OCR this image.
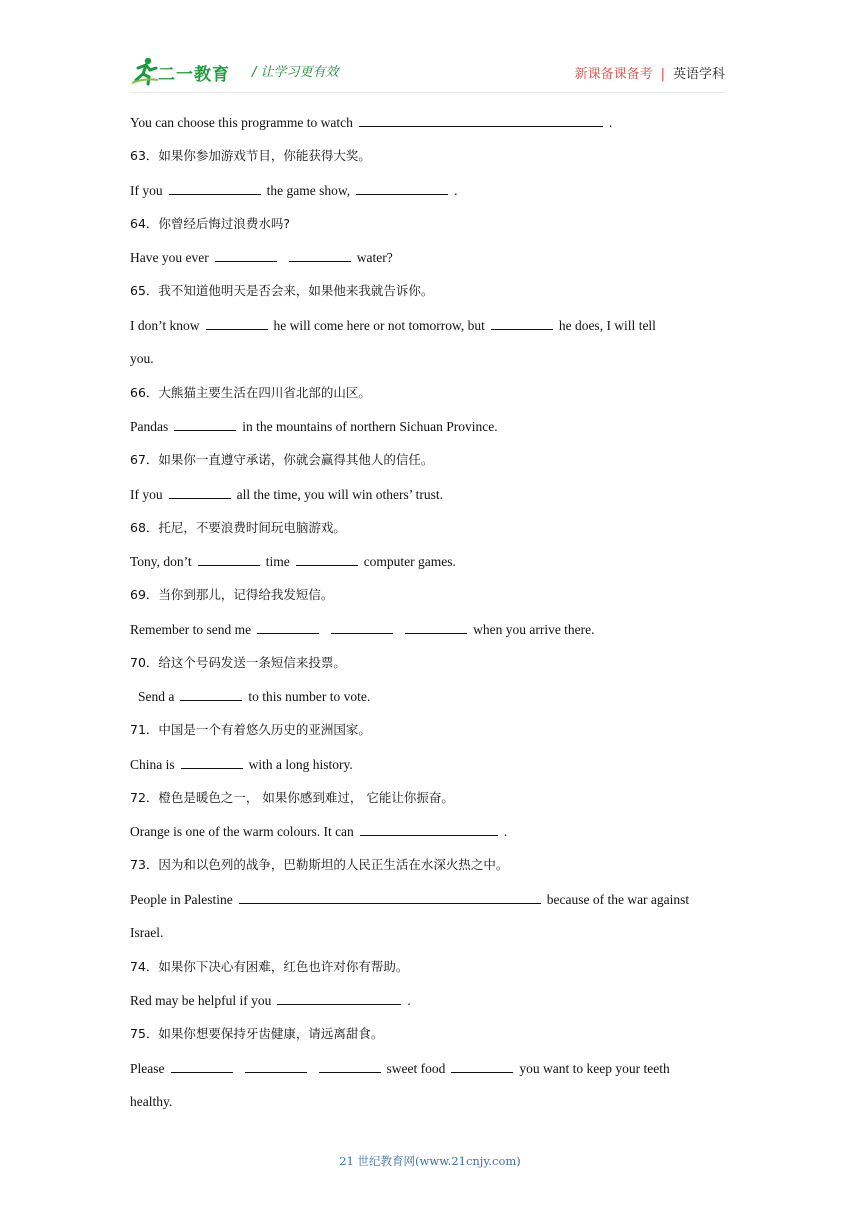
二一教育 / 让学习更有效	新课备课备考 | 英语学科
You can choose this programme to watch	.
63．如果你参加游戏节目，你能获得大奖。
If you	the game show,	.
64．你曾经后悔过浪费水吗?
Have you ever	water?
65．我不知道他明天是否会来，如果他来我就告诉你。
I don’t know	he will come here or not tomorrow, but	he does, I will tell
you.
66．大熊猫主要生活在四川省北部的山区。
Pandas	in the mountains of northern Sichuan Province.
67．如果你一直遵守承诺，你就会赢得其他人的信任。
If you	all the time, you will win others’ trust.
68．托尼，不要浪费时间玩电脑游戏。
Tony, don’t	time	computer games.
69．当你到那儿，记得给我发短信。
Remember to send me	when you arrive there.
70．给这个号码发送一条短信来投票。
Send a	to this number to vote.
71．中国是一个有着悠久历史的亚洲国家。
China is	with a long history.
72．橙色是暖色之一， 如果你感到难过， 它能让你振奋。
Orange is one of the warm colours. It can	.
73．因为和以色列的战争，巴勒斯坦的人民正生活在水深火热之中。
People in Palestine	because of the war against
Israel.
74．如果你下决心有困难，红色也许对你有帮助。
Red may be helpful if you	.
75．如果你想要保持牙齿健康，请远离甜食。
Please	sweet food	you want to keep your teeth
healthy.
21 世纪教育网(www.21cnjy.com)
